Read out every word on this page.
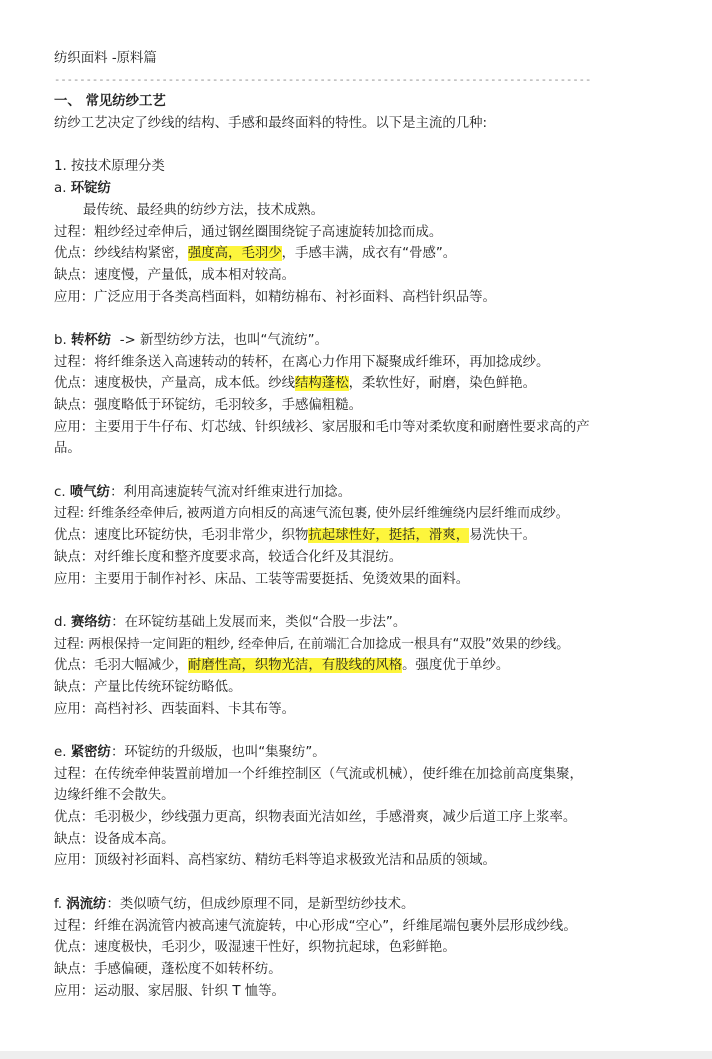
纺织面料 -原料篇
-------------------------------------------------------------------------------------
一、 常见纺纱工艺
纺纱工艺决定了纱线的结构、手感和最终面料的特性。以下是主流的几种:
1. 按技术原理分类
a. 环锭纺
最传统、最经典的纺纱方法，技术成熟。
过程：粗纱经过牵伸后，通过钢丝圈围绕锭子高速旋转加捻而成。
优点：纱线结构紧密，强度高，毛羽少，手感丰满，成衣有“骨感”。
缺点：速度慢，产量低，成本相对较高。
应用：广泛应用于各类高档面料，如精纺棉布、衬衫面料、高档针织品等。
b. 转杯纺  -> 新型纺纱方法，也叫“气流纺”。
过程：将纤维条送入高速转动的转杯，在离心力作用下凝聚成纤维环，再加捻成纱。
优点：速度极快，产量高，成本低。纱线结构蓬松，柔软性好，耐磨，染色鲜艳。
缺点：强度略低于环锭纺，毛羽较多，手感偏粗糙。
应用：主要用于牛仔布、灯芯绒、针织绒衫、家居服和毛巾等对柔软度和耐磨性要求高的产
品。
c. 喷气纺：利用高速旋转气流对纤维束进行加捻。
过程: 纤维条经牵伸后, 被两道方向相反的高速气流包裹, 使外层纤维缠绕内层纤维而成纱。
优点：速度比环锭纺快，毛羽非常少，织物抗起球性好，挺括，滑爽，易洗快干。
缺点：对纤维长度和整齐度要求高，较适合化纤及其混纺。
应用：主要用于制作衬衫、床品、工装等需要挺括、免烫效果的面料。
d. 赛络纺：在环锭纺基础上发展而来，类似“合股一步法”。
过程: 两根保持一定间距的粗纱, 经牵伸后, 在前端汇合加捻成一根具有“双股”效果的纱线。
优点：毛羽大幅减少，耐磨性高，织物光洁，有股线的风格。强度优于单纱。
缺点：产量比传统环锭纺略低。
应用：高档衬衫、西装面料、卡其布等。
e. 紧密纺：环锭纺的升级版，也叫“集聚纺”。
过程：在传统牵伸装置前增加一个纤维控制区（气流或机械），使纤维在加捻前高度集聚，
边缘纤维不会散失。
优点：毛羽极少，纱线强力更高，织物表面光洁如丝，手感滑爽，减少后道工序上浆率。
缺点：设备成本高。
应用：顶级衬衫面料、高档家纺、精纺毛料等追求极致光洁和品质的领域。
f. 涡流纺：类似喷气纺，但成纱原理不同，是新型纺纱技术。
过程：纤维在涡流管内被高速气流旋转，中心形成“空心”，纤维尾端包裹外层形成纱线。
优点：速度极快，毛羽少，吸湿速干性好，织物抗起球，色彩鲜艳。
缺点：手感偏硬，蓬松度不如转杯纺。
应用：运动服、家居服、针织 T 恤等。
